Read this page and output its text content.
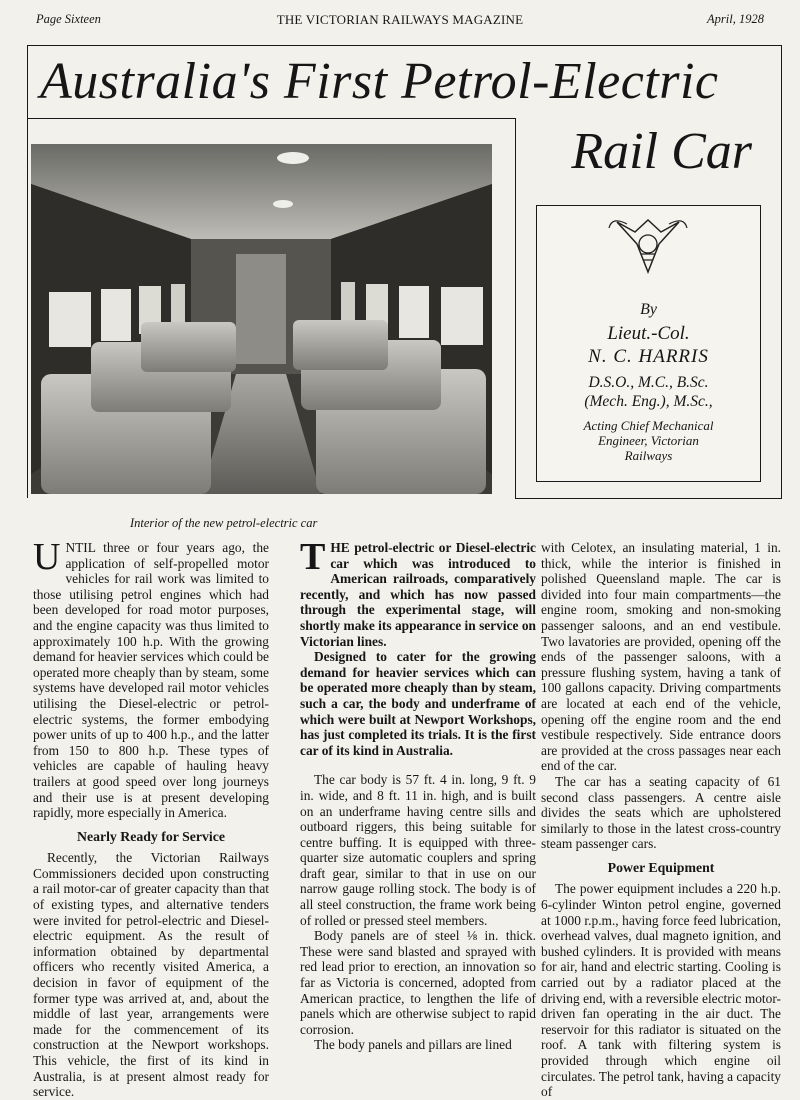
Page Sixteen	THE VICTORIAN RAILWAYS MAGAZINE	April, 1928
Australia's First Petrol-Electric
Rail Car
Interior of the new petrol-electric car
By
Lieut.-Col.
N. C. HARRIS
D.S.O., M.C., B.Sc.
(Mech. Eng.), M.Sc.,
Acting Chief Mechanical
Engineer, Victorian
Railways

UNTIL three or four years ago, the application of self-propelled motor vehicles for rail work was limited to those utilising petrol engines which had been developed for road motor purposes, and the engine capacity was thus limited to approximately 100 h.p. With the growing demand for heavier services which could be operated more cheaply than by steam, some systems have developed rail motor vehicles utilising the Diesel-electric or petrol-electric systems, the former embodying power units of up to 400 h.p., and the latter from 150 to 800 h.p. These types of vehicles are capable of hauling heavy trailers at good speed over long journeys and their use is at present developing rapidly, more especially in America.

Nearly Ready for Service

Recently, the Victorian Railways Commissioners decided upon constructing a rail motor-car of greater capacity than that of existing types, and alternative tenders were invited for petrol-electric and Diesel-electric equipment. As the result of information obtained by departmental officers who recently visited America, a decision in favor of equipment of the former type was arrived at, and, about the middle of last year, arrangements were made for the commencement of its construction at the Newport workshops. This vehicle, the first of its kind in Australia, is at present almost ready for service.

THE petrol-electric or Diesel-electric car which was introduced to American railroads, comparatively recently, and which has now passed through the experimental stage, will shortly make its appearance in service on Victorian lines.

Designed to cater for the growing demand for heavier services which can be operated more cheaply than by steam, such a car, the body and underframe of which were built at Newport Workshops, has just completed its trials. It is the first car of its kind in Australia.

The car body is 57 ft. 4 in. long, 9 ft. 9 in. wide, and 8 ft. 11 in. high, and is built on an underframe having centre sills and outboard riggers, this being suitable for centre buffing. It is equipped with three-quarter size automatic couplers and spring draft gear, similar to that in use on our narrow gauge rolling stock. The body is of all steel construction, the frame work being of rolled or pressed steel members.

Body panels are of steel ⅛ in. thick. These were sand blasted and sprayed with red lead prior to erection, an innovation so far as Victoria is concerned, adopted from American practice, to lengthen the life of panels which are otherwise subject to rapid corrosion.

The body panels and pillars are lined

with Celotex, an insulating material, 1 in. thick, while the interior is finished in polished Queensland maple. The car is divided into four main compartments—the engine room, smoking and non-smoking passenger saloons, and an end vestibule. Two lavatories are provided, opening off the ends of the passenger saloons, with a pressure flushing system, having a tank of 100 gallons capacity. Driving compartments are located at each end of the vehicle, opening off the engine room and the end vestibule respectively. Side entrance doors are provided at the cross passages near each end of the car.

The car has a seating capacity of 61 second class passengers. A centre aisle divides the seats which are upholstered similarly to those in the latest cross-country steam passenger cars.

Power Equipment

The power equipment includes a 220 h.p. 6-cylinder Winton petrol engine, governed at 1000 r.p.m., having force feed lubrication, overhead valves, dual magneto ignition, and bushed cylinders. It is provided with means for air, hand and electric starting. Cooling is carried out by a radiator placed at the driving end, with a reversible electric motor-driven fan operating in the air duct. The reservoir for this radiator is situated on the roof. A tank with filtering system is provided through which engine oil circulates. The petrol tank, having a capacity of
